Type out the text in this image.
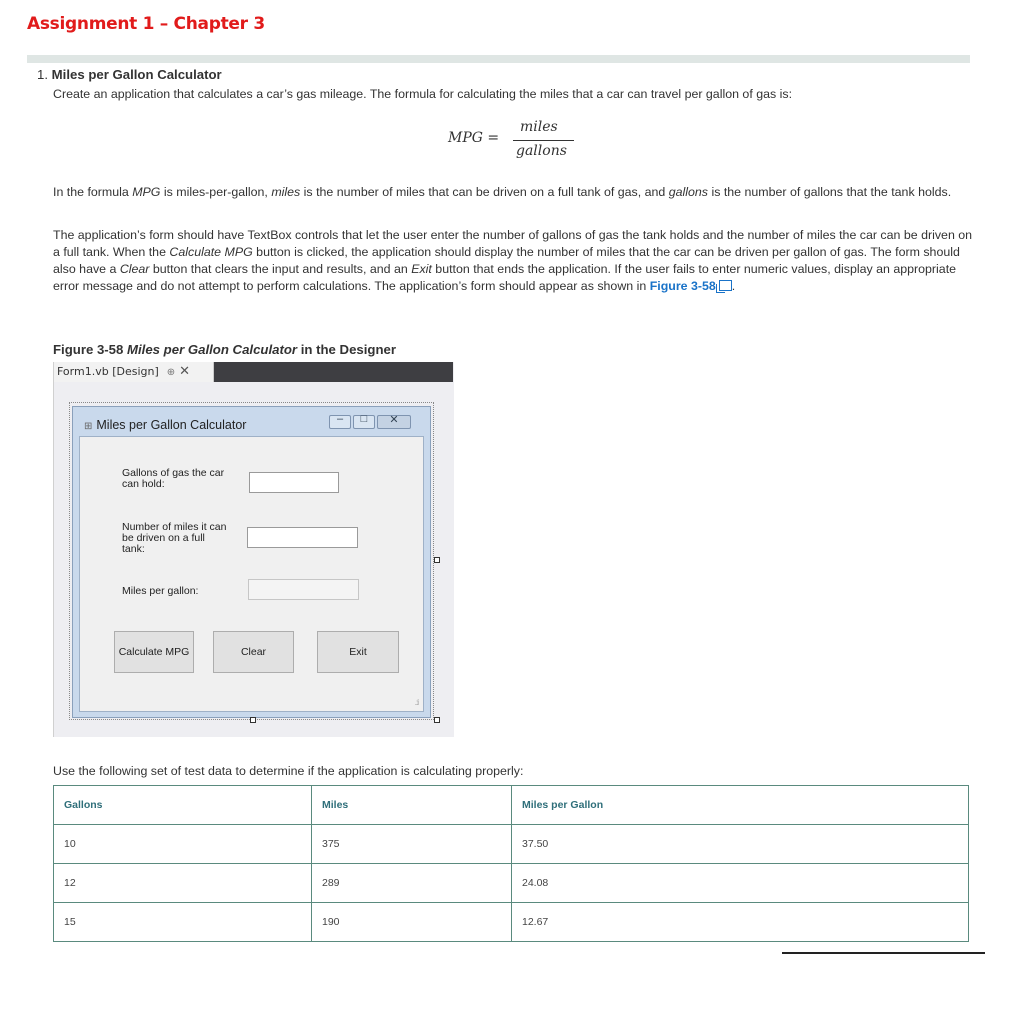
Assignment 1 – Chapter 3
1. Miles per Gallon Calculator

Create an application that calculates a car’s gas mileage. The formula for calculating the miles that a car can travel per gallon of gas is:

MPG =
miles
gallons

In the formula MPG is miles-per-gallon, miles is the number of miles that can be driven on a full tank of gas, and gallons is the number of gallons that the tank holds.

The application’s form should have TextBox controls that let the user enter the number of gallons of gas the tank holds and the number of miles the car can be driven on a full tank. When the Calculate MPG button is clicked, the application should display the number of miles that the car can be driven per gallon of gas. The form should also have a Clear button that clears the input and results, and an Exit button that ends the application. If the user fails to enter numeric values, display an appropriate error message and do not attempt to perform calculations. The application’s form should appear as shown in Figure 3-58 .

Figure 3-58 Miles per Gallon Calculator in the Designer
Form1.vb [Design] ⊕ ✕
⊞ Miles per Gallon Calculator	–	□	✕
Gallons of gas the car can hold:
Number of miles it can be driven on a full tank:
Miles per gallon:
Calculate MPG	Clear	Exit
.:i
Use the following set of test data to determine if the application is calculating properly:
Gallons	Miles	Miles per Gallon
10	375	37.50
12	289	24.08
15	190	12.67
